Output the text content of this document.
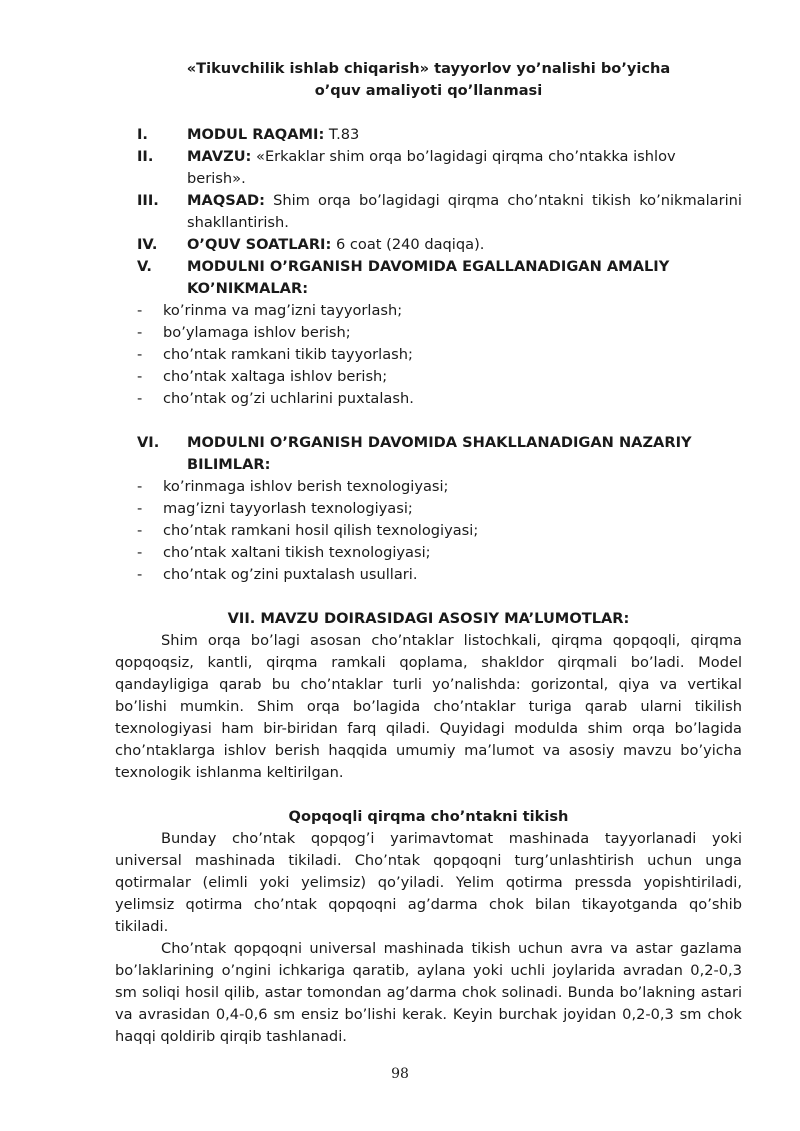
«Tikuvchilik ishlab chiqarish» tayyorlov yo’nalishi bo’yicha

o’quv amaliyoti qo’llanmasi

I.	MODUL RAQAMI: T.83
II.	MAVZU: «Erkaklar shim orqa bo’lagidagi qirqma cho’ntakka ishlov berish».
III.	MAQSAD: Shim orqa bo’lagidagi qirqma cho’ntakni tikish ko’nikmalarini shakllantirish.
IV.	O’QUV SOATLARI: 6 coat (240 daqiqa).
V.	MODULNI O’RGANISH DAVOMIDA EGALLANADIGAN AMALIY KO’NIKMALAR:
-	ko’rinma va mag’izni tayyorlash;
-	bo’ylamaga ishlov berish;
-	cho’ntak ramkani tikib tayyorlash;
-	cho’ntak xaltaga ishlov berish;
-	cho’ntak og’zi uchlarini puxtalash.
VI.	MODULNI O’RGANISH DAVOMIDA SHAKLLANADIGAN NAZARIY BILIMLAR:
-	ko’rinmaga ishlov berish texnologiyasi;
-	mag’izni tayyorlash texnologiyasi;
-	cho’ntak ramkani hosil qilish texnologiyasi;
-	cho’ntak xaltani tikish texnologiyasi;
-	cho’ntak og’zini puxtalash usullari.

VII. MAVZU DOIRASIDAGI ASOSIY MA’LUMOTLAR:

Shim orqa bo’lagi asosan cho’ntaklar listochkali, qirqma qopqoqli, qirqma qopqoqsiz, kantli, qirqma ramkali qoplama, shakldor qirqmali bo’ladi. Model qandayligiga qarab bu cho’ntaklar turli yo’nalishda: gorizontal, qiya va vertikal bo’lishi mumkin. Shim orqa bo’lagida cho’ntaklar turiga qarab ularni tikilish texnologiyasi ham bir-biridan farq qiladi. Quyidagi modulda shim orqa bo’lagida cho’ntaklarga ishlov berish haqqida umumiy ma’lumot va asosiy mavzu bo’yicha texnologik ishlanma keltirilgan.

Qopqoqli qirqma cho’ntakni tikish

Bunday cho’ntak qopqog’i yarimavtomat mashinada tayyorlanadi yoki universal mashinada tikiladi. Cho’ntak qopqoqni turg’unlashtirish uchun unga qotirmalar (elimli yoki yelimsiz) qo’yiladi. Yelim qotirma pressda yopishtiriladi, yelimsiz qotirma cho’ntak qopqoqni ag’darma chok bilan tikayotganda qo’shib tikiladi.

Cho’ntak qopqoqni universal mashinada tikish uchun avra va astar gazlama bo’laklarining o’ngini ichkariga qaratib, aylana yoki uchli joylarida avradan 0,2-0,3 sm soliqi hosil qilib, astar tomondan ag’darma chok solinadi. Bunda bo’lakning astari va avrasidan 0,4-0,6 sm ensiz bo’lishi kerak. Keyin burchak joyidan 0,2-0,3 sm chok haqqi qoldirib qirqib tashlanadi.

98
